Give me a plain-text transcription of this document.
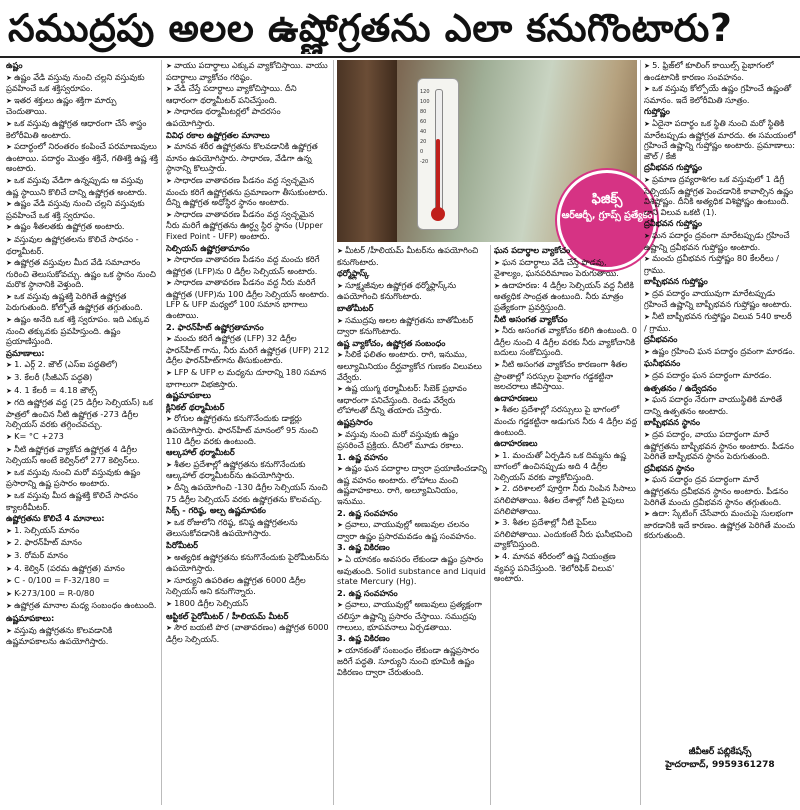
సముద్రపు అలల ఉష్ణోగ్రతను ఎలా కనుగొంటారు?

ఉష్ణం

➤ ఉష్ణం వేడి వస్తువు నుంచి చల్లని వస్తువుకు ప్రవహించే ఒక శక్తిస్వరూపం.

➤ ఇతర శక్తులు ఉష్ణం శక్తిగా మార్పు చెందుతాయి.

➤ ఒక వస్తువు ఉష్ణోగ్రత ఆధారంగా చేసే శాస్త్రం కెలోరీమితి అంటారు.

➤ పదార్థంలో నిరంతరం కంపించే పరమాణువులు ఉంటాయి. పదార్థం మొత్తం శక్తినే, గతిశక్తి ఉష్ణ శక్తి అంటారు.

➤ ఒక వస్తువు వేడిగా ఉన్నప్పుడు ఆ వస్తువు ఉష్ణ స్థాయిని కొలిచే దాన్ని ఉష్ణోగ్రత అంటారు.

➤ ఉష్ణం వేడి వస్తువు నుంచి చల్లని వస్తువుకు ప్రవహించే ఒక శక్తి స్వరూపం.

➤ ఉష్ణం శీతలతకు ఉష్ణోగ్రత అంటారు.

➤ వస్తువుల ఉష్ణోగ్రతలను కొలిచే సాధనం - థర్మామీటర్.

➤ ఉష్ణోగ్రత వస్తువుల మీద వేడి సమాచారం గురించి తెలుసుకోవచ్చు. ఉష్ణం ఒక స్థానం నుంచి మరొక స్థానానికి వెళ్తుంది.

➤ ఒక వస్తువు ఉష్ణశక్తి పెరిగితే ఉష్ణోగ్రత పెరుగుతుంది. కోల్పోతే ఉష్ణోగ్రత తగ్గుతుంది.

➤ ఉష్ణం అనేది ఒక శక్తి స్వరూపం. ఇది ఎక్కువ నుంచి తక్కువకు ప్రవహిస్తుంది. ఉష్ణం ప్రయాణిస్తుంది.

ప్రమాణాలు:

➤ 1. ఎర్గ్ 2. జౌల్ (ఎస్ఐ పద్ధతిలో)

➤ 3. కేలరీ (సీజీఎస్ పద్ధతి)

➤ 4. 1 కేలరీ = 4.18 జౌల్స్

➤ గది ఉష్ణోగ్రత వద్ద (25 డిగ్రీల సెల్సియస్) ఒక పాత్రలో ఉంచిన నీటి ఉష్ణోగ్రత -273 డిగ్రీల సెల్సియస్ వరకు తగ్గించవచ్చు.

➤ K= °C +273

➤ నీటి ఉష్ణోగ్రత వ్యాకోచ ఉష్ణోగ్రత 4 డిగ్రీల సెల్సియస్ అంటే కెల్విన్‌లో 277 కెల్విన్‌లు.

➤ ఒక వస్తువు నుంచి మరో వస్తువుకు ఉష్ణం ప్రసారాన్ని ఉష్ణ ప్రసారం అంటారు.

➤ ఒక వస్తువు మీద ఉష్ణశక్తి కొలిచే సాధనం క్యాలరీమీటర్.

ఉష్ణోగ్రతను కొలిచే 4 మానాలు:

➤ 1. సెల్సియస్ మానం

➤ 2. ఫారన్‌హీట్ మానం

➤ 3. రోమర్ మానం

➤ 4. కెల్విన్ (పరమ ఉష్ణోగ్రత) మానం

➤ C - 0/100 = F-32/180 =

➤ K-273/100 = R-0/80

➤ ఉష్ణోగ్రత మానాల మధ్య సంబంధం ఉంటుంది.

ఉష్ణమాపకాలు:

➤ వస్తువు ఉష్ణోగ్రతను కొలవడానికి ఉష్ణమాపకాలను ఉపయోగిస్తారు.

➤ వాయు పదార్థాలు ఎక్కువ వ్యాకోచిస్తాయి. వాయు పదార్థాలు వ్యాకోచం గరిష్ఠం.

➤ వేడి చేస్తే పదార్థాలు వ్యాకోచిస్తాయి. దీని ఆధారంగా థర్మామీటర్ పనిచేస్తుంది.

➤ సాధారణ థర్మామీటర్లలో పాదరసం ఉపయోగిస్తారు.

వివిధ రకాల ఉష్ణోగ్రతల మానాలు

➤ మానవ శరీర ఉష్ణోగ్రతను కొలవడానికి ఉష్ణోగ్రత మానం ఉపయోగిస్తారు. సాధారణ, వేడిగా ఉన్న స్థానాన్ని కొలుస్తారు.

➤ సాధారణ వాతావరణ పీడనం వద్ద స్వచ్ఛమైన మంచు కరిగే ఉష్ణోగ్రతను ప్రమాణంగా తీసుకుంటారు. దీన్ని ఉష్ణోగ్రత అధోస్థిర స్థానం అంటారు.

➤ సాధారణ వాతావరణ పీడనం వద్ద స్వచ్ఛమైన నీరు మరిగే ఉష్ణోగ్రతను ఊర్ధ్వ స్థిర స్థానం (Upper Fixed Point - UFP) అంటారు.

సెల్సియస్ ఉష్ణోగ్రతామానం

➤ సాధారణ వాతావరణ పీడనం వద్ద మంచు కరిగే ఉష్ణోగ్రత (LFP)ను 0 డిగ్రీల సెల్సియస్ అంటారు.

➤ సాధారణ వాతావరణ పీడనం వద్ద నీరు మరిగే ఉష్ణోగ్రత (UFP)ను 100 డిగ్రీల సెల్సియస్ అంటారు. LFP & UFP మధ్యలో 100 సమాన భాగాలు ఉంటాయి.

2. ఫారన్‌హీట్ ఉష్ణోగ్రతామానం

➤ మంచు కరిగే ఉష్ణోగ్రత (LFP) 32 డిగ్రీల ఫారన్‌హీట్ గాను, నీరు మరిగే ఉష్ణోగ్రత (UFP) 212 డిగ్రీల ఫారన్‌హీట్‌గాను తీసుకుంటారు.

➤ LFP & UFP ల మధ్యను దూరాన్ని 180 సమాన భాగాలుగా విభజిస్తారు.

ఉష్ణమాపకాలు

క్లినికల్ థర్మామీటర్

➤ రోగుల ఉష్ణోగ్రతను కనుగొనేందుకు డాక్టర్లు ఉపయోగిస్తారు. ఫారన్‌హీట్ మానంలో 95 నుంచి 110 డిగ్రీల వరకు ఉంటుంది.

ఆల్కహాల్ థర్మామీటర్

➤ శీతల ప్రదేశాల్లో ఉష్ణోగ్రతను కనుగొనేందుకు ఆల్కహాల్ థర్మామీటర్‌ను ఉపయోగిస్తారు.

➤ దీన్ని ఉపయోగించి -130 డిగ్రీల సెల్సియస్ నుంచి 75 డిగ్రీల సెల్సియస్ వరకు ఉష్ణోగ్రతను కొలవచ్చు.

సిక్స్ - గరిష్ఠ, అల్ప ఉష్ణమాపకం

➤ ఒక రోజులోని గరిష్ఠ, కనిష్ఠ ఉష్ణోగ్రతలను తెలుసుకోవడానికి ఉపయోగిస్తారు.

పిరోమీటర్

➤ అత్యధిక ఉష్ణోగ్రతను కనుగొనేందుకు పైరోమీటర్‌ను ఉపయోగిస్తారు.

➤ సూర్యుని ఉపరితల ఉష్ణోగ్రత 6000 డిగ్రీల సెల్సియస్ అని కనుగొన్నారు.

➤ 1800 డిగ్రీల సెల్సియస్

ఆప్టికల్ పైరోమీటర్ / హీలియమ్ మీటర్

➤ సౌర బయటి పొర (వాతావరణం) ఉష్ణోగ్రత 6000 డిగ్రీల సెల్సియస్.

120
100
80
60
40
20
0
-20
ఫిజిక్స్
ఆర్ఆర్బీ, గ్రూప్స్ ప్రత్యేకం

➤ మీటర్ /హీలియమ్ మీటర్‌ను ఉపయోగించి కనుగొంటారు.

థర్మోఫ్లాస్క్

➤ సూక్ష్మజీవుల ఉష్ణోగ్రత థర్మోఫ్లాస్క్‌ను ఉపయోగించి కనుగొంటారు.

బాతోమీటర్

➤ సముద్రపు అలల ఉష్ణోగ్రతను బాతోమీటర్ ద్వారా కనుగొంటారు.

ఉష్ణ వ్యాకోచం, ఉష్ణోగ్రత సంబంధం

➤ సిలికే ఫలితం అంటారు. రాగి, ఇనుము, అల్యూమినియం దీర్ఘవ్యాకోచ గుణకం విలువలు వేర్వేరు.

➤ ఉష్ణ యుగ్మ థర్మామీటర్: సీబెక్ ప్రభావం ఆధారంగా పనిచేస్తుంది. రెండు వేర్వేరు లోహాలతో దీన్ని తయారు చేస్తారు.

ఉష్ణప్రసారం

➤ వస్తువు నుంచి మరో వస్తువుకు ఉష్ణం ప్రసరించే ప్రక్రియ. దీనిలో మూడు రకాలు.

1. ఉష్ణ వహనం

➤ ఉష్ణం ఘన పదార్థాల ద్వారా ప్రయాణించడాన్ని ఉష్ణ వహనం అంటారు. లోహాలు మంచి ఉష్ణవాహకాలు. రాగి, అల్యూమినియం, ఇనుము.

2. ఉష్ణ సంవహనం

➤ ద్రవాలు, వాయువుల్లో అణువుల చలనం ద్వారా ఉష్ణం ప్రసారమవడం ఉష్ణ సంవహనం.

3. ఉష్ణ వికిరణం

➤ ఏ యానకం అవసరం లేకుండా ఉష్ణం ప్రసారం అవుతుంది. Solid substance and Liquid state Mercury (Hg).

2. ఉష్ణ సంవహనం

➤ ద్రవాలు, వాయువుల్లో అణువులు ప్రత్యక్షంగా చలిస్తూ ఉష్ణాన్ని ప్రసారం చేస్తాయి. సముద్రపు గాలులు, భూపవనాలు ఏర్పడతాయి.

3. ఉష్ణ వికిరణం

➤ యానకంతో సంబంధం లేకుండా ఉష్ణప్రసారం జరిగే పద్ధతి. సూర్యుని నుంచి భూమికి ఉష్ణం వికిరణం ద్వారా చేరుతుంది.

ఘన పదార్థాల వ్యాకోచం

➤ ఘన పదార్థాలు వేడి చేస్తే పొడవు, వైశాల్యం, ఘనపరిమాణం పెరుగుతాయి.

➤ ఉదాహరణ: 4 డిగ్రీల సెల్సియస్ వద్ద నీటికి అత్యధిక సాంద్రత ఉంటుంది. నీరు మాత్రం ప్రత్యేకంగా ప్రవర్తిస్తుంది.

నీటి అసంగత వ్యాకోచం

➤ నీరు అసంగత వ్యాకోచం కలిగి ఉంటుంది. 0 డిగ్రీల నుంచి 4 డిగ్రీల వరకు నీరు వ్యాకోచానికి బదులు సంకోచిస్తుంది.

➤ నీటి అసంగత వ్యాకోచం కారణంగా శీతల ప్రాంతాల్లో సరస్సుల పైభాగం గడ్డకట్టినా జలచరాలు జీవిస్తాయి.

ఉదాహరణలు

➤ శీతల ప్రదేశాల్లో సరస్సులు పై భాగంలో మంచు గడ్డకట్టినా అడుగున నీరు 4 డిగ్రీల వద్ద ఉంటుంది.

ఉదాహరణలు

➤ 1. మంచుతో ఏర్పడిన ఒక దిమ్మను ఉష్ణ బాగంలో ఉంచినప్పుడు అది 4 డిగ్రీల సెల్సియస్ వరకు వ్యాకోచిస్తుంది.

➤ 2. దరిశాలలో పూర్తిగా నీరు నింపిన సీసాలు పగిలిపోతాయి. శీతల దేశాల్లో నీటి పైపులు పగిలిపోతాయి.

➤ 3. శీతల ప్రదేశాల్లో నీటి పైప్‌లు పగిలిపోతాయి. ఎందుకంటే నీరు ఘనీభవించి వ్యాకోచిస్తుంది.

➤ 4. మానవ శరీరంలో ఉష్ణ నియంత్రణ వ్యవస్థ పనిచేస్తుంది. 'కెలోరిఫిక్ విలువ' అంటారు.

➤ 5. ఫ్రిజ్‌లో కూలింగ్ కాయిల్స్ పైభాగంలో ఉండటానికి కారణం సంవహనం.

➤ ఒక వస్తువు కోల్పోయే ఉష్ణం గ్రహించే ఉష్ణంతో సమానం. ఇదే కెలోరీమితి సూత్రం.

గుప్తోష్ణం

➤ ఏదైనా పదార్థం ఒక స్థితి నుంచి మరో స్థితికి మారేటప్పుడు ఉష్ణోగ్రత మారదు. ఈ సమయంలో గ్రహించే ఉష్ణాన్ని గుప్తోష్ణం అంటారు. ప్రమాణాలు: జౌల్ / కేజీ

ద్రవీభవన గుప్తోష్ణం

➤ ప్రమాణ ద్రవ్యరాశిగల ఒక వస్తువులో 1 డిగ్రీ సెల్సియస్ ఉష్ణోగ్రత పెంచడానికి కావాల్సిన ఉష్ణం విశిష్టోష్ణం. దీనికి అత్యధిక విశిష్టోష్ణం ఉంటుంది. దాని విలువ ఒకటి (1).

ద్రవీభవన గుప్తోష్ణం

➤ ఘన పదార్థం ద్రవంగా మారేటప్పుడు గ్రహించే ఉష్ణాన్ని ద్రవీభవన గుప్తోష్ణం అంటారు.

➤ మంచు ద్రవీభవన గుప్తోష్ణం 80 కేలరీలు / గ్రాము.

బాష్పీభవన గుప్తోష్ణం

➤ ద్రవ పదార్థం వాయువుగా మారేటప్పుడు గ్రహించే ఉష్ణాన్ని బాష్పీభవన గుప్తోష్ణం అంటారు.

➤ నీటి బాష్పీభవన గుప్తోష్ణం విలువ 540 కాలరీ / గ్రాము.

ద్రవీభవనం

➤ ఉష్ణం గ్రహించి ఘన పదార్థం ద్రవంగా మారడం.

ఘనీభవనం

➤ ద్రవ పదార్థం ఘన పదార్థంగా మారడం.

ఉత్పతనం / ఉద్వేదనం

➤ ఘన పదార్థం నేరుగా వాయుస్థితికి మారితే దాన్ని ఉత్పతనం అంటారు.

బాష్పీభవన స్థానం

➤ ద్రవ పదార్థం, వాయు పదార్థంగా మారే ఉష్ణోగ్రతను బాష్పీభవన స్థానం అంటారు. పీడనం పెరిగితే బాష్పీభవన స్థానం పెరుగుతుంది.

ద్రవీభవన స్థానం

➤ ఘన పదార్థం ద్రవ పదార్థంగా మారే ఉష్ణోగ్రతను ద్రవీభవన స్థానం అంటారు. పీడనం పెరిగితే మంచు ద్రవీభవన స్థానం తగ్గుతుంది.

➤ ఉదా: స్కేటింగ్ చేసేవారు మంచుపై సులభంగా జారడానికి ఇదే కారణం. ఉష్ణోగ్రత పెరిగితే మంచు కరుగుతుంది.

జీవీఆర్ పబ్లికేషన్స్
హైదరాబాద్, 9959361278
